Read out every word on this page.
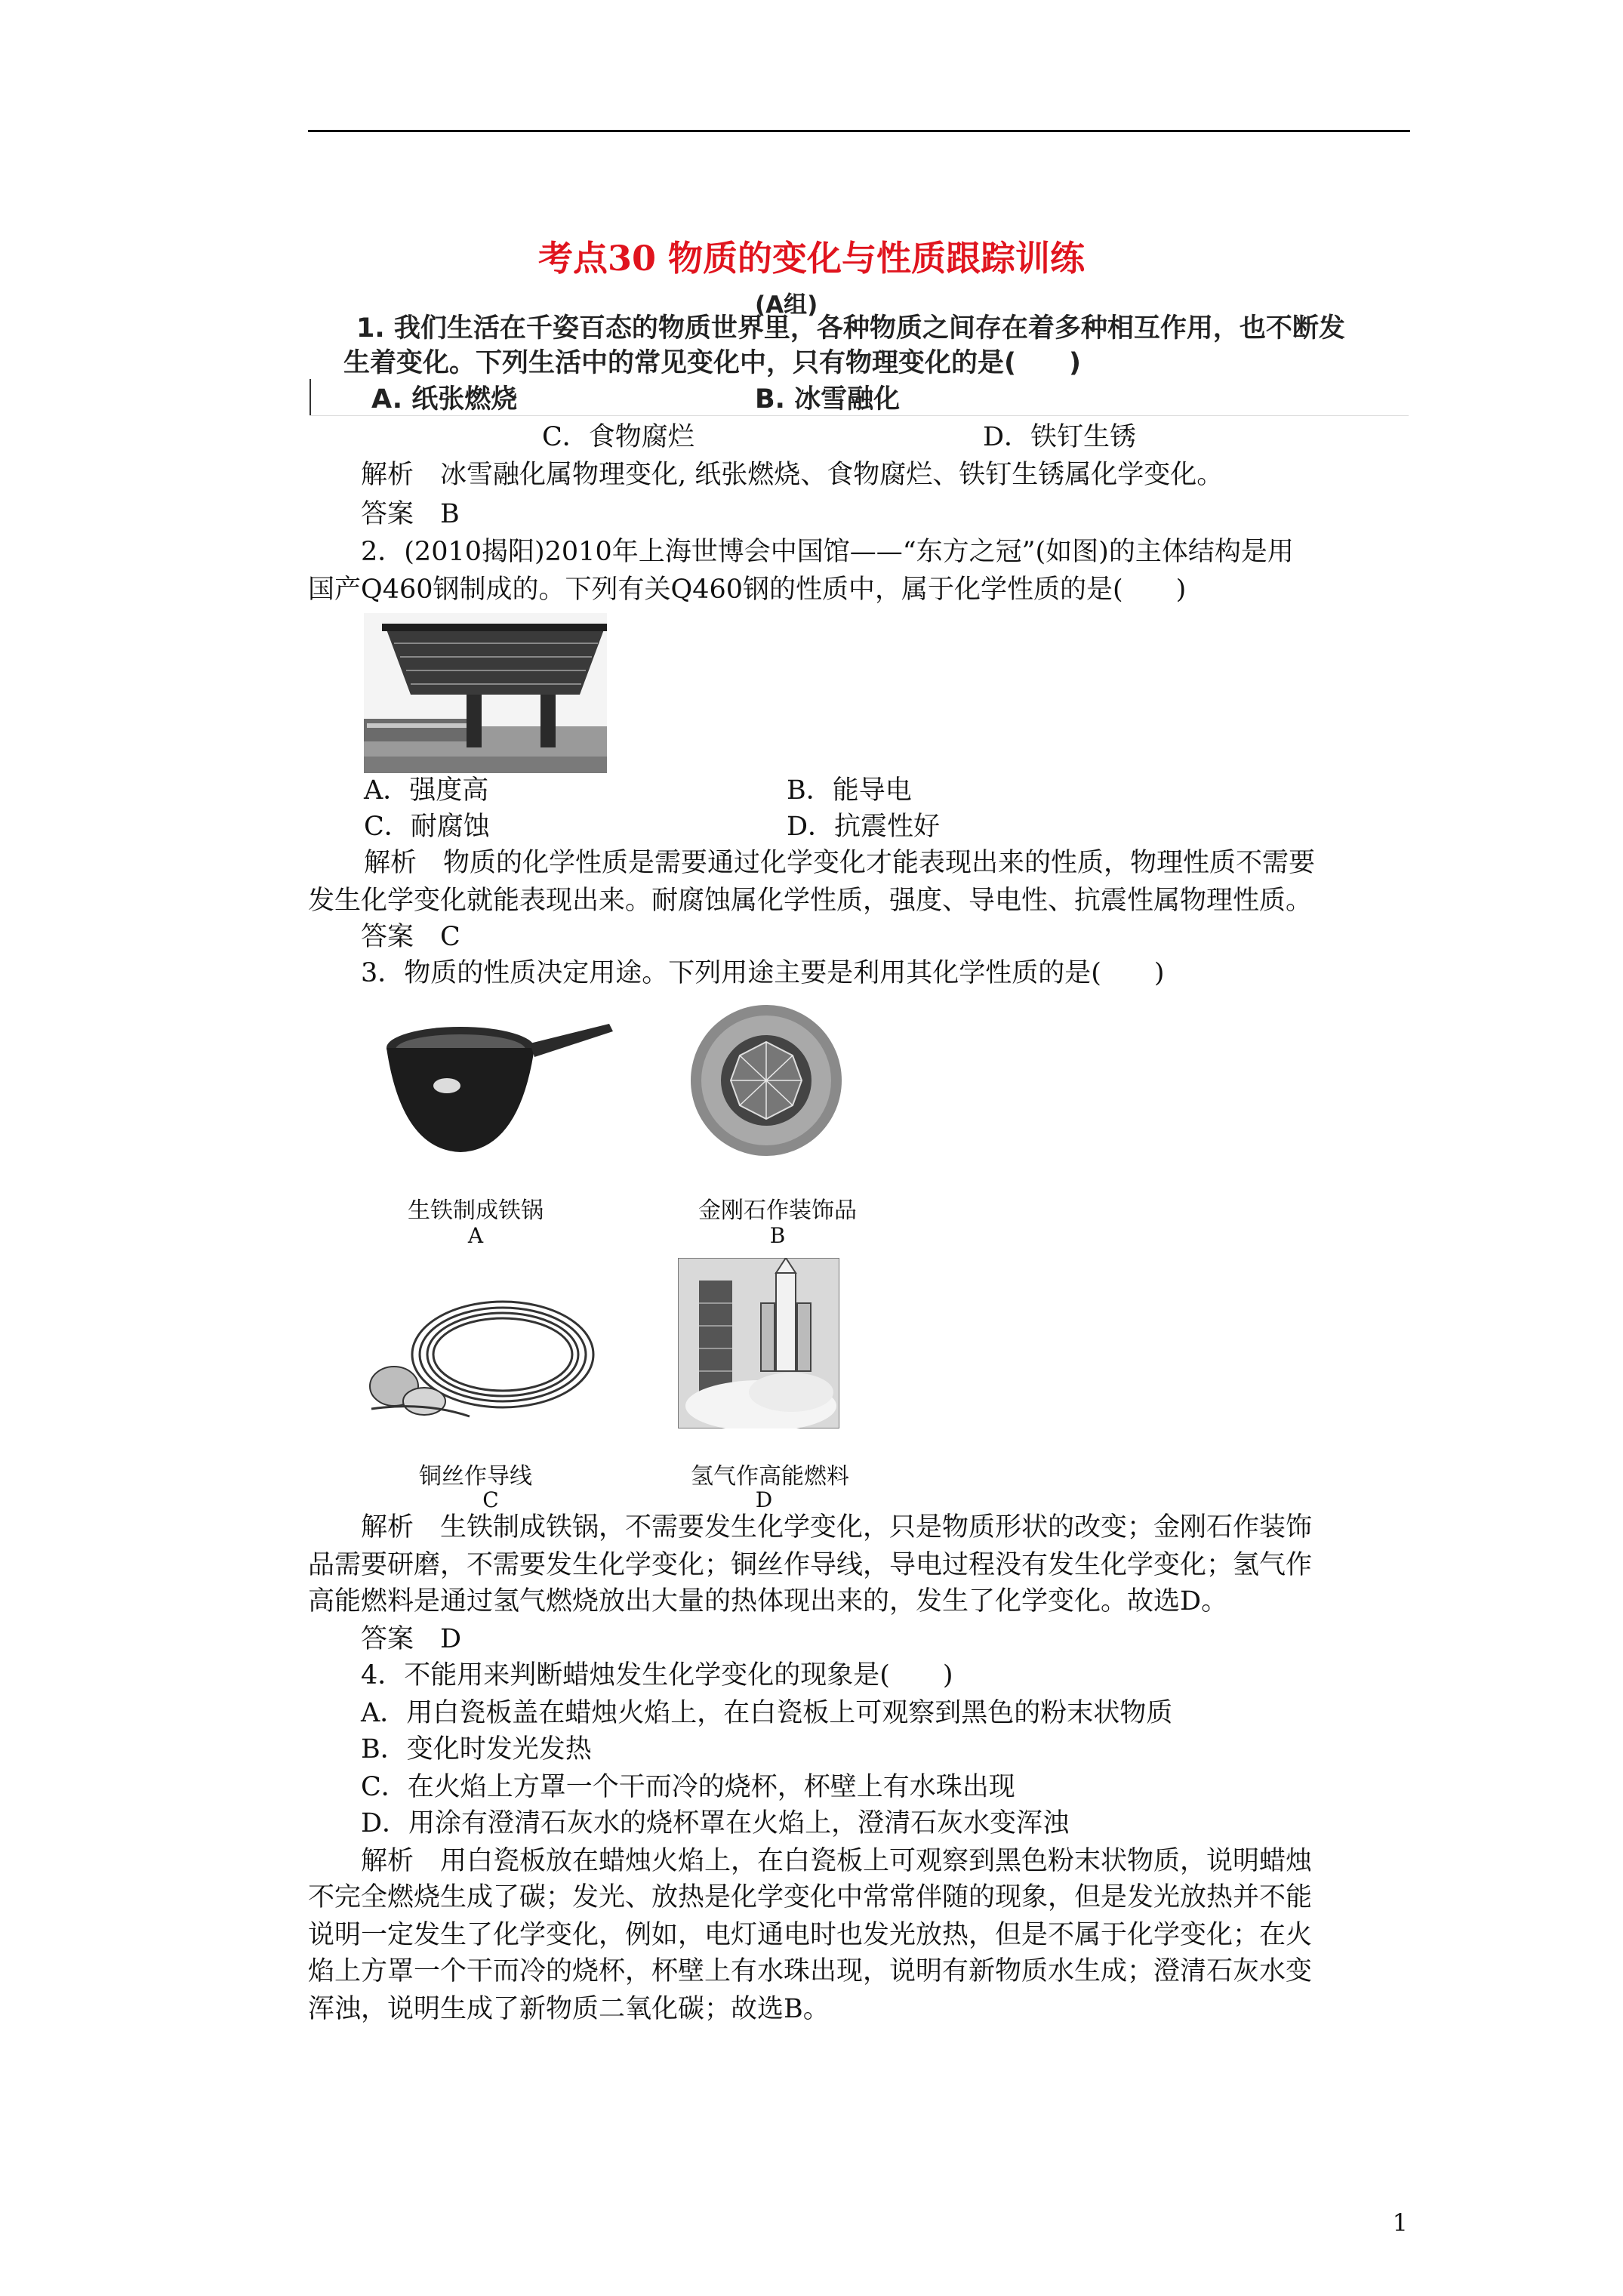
考点30 物质的变化与性质跟踪训练
(A组)
1. 我们生活在千姿百态的物质世界里，各种物质之间存在着多种相互作用，也不断发
生着变化。下列生活中的常见变化中，只有物理变化的是(　　)
A. 纸张燃烧	B. 冰雪融化
C．食物腐烂	D．铁钉生锈
解析　 冰雪融化属物理变化, 纸张燃烧、食物腐烂、铁钉生锈属化学变化。
答案　 B
2．(2010揭阳)2010年上海世博会中国馆——“东方之冠”(如图)的主体结构是用
国产Q460钢制成的。下列有关Q460钢的性质中，属于化学性质的是(　　)
A．强度高	B．能导电
C．耐腐蚀	D．抗震性好
解析　 物质的化学性质是需要通过化学变化才能表现出来的性质，物理性质不需要
发生化学变化就能表现出来。耐腐蚀属化学性质，强度、导电性、抗震性属物理性质。
答案　 C
3．物质的性质决定用途。下列用途主要是利用其化学性质的是(　　)
生铁制成铁锅
A
金刚石作装饰品
B
铜丝作导线
C
氢气作高能燃料
D
解析　 生铁制成铁锅，不需要发生化学变化，只是物质形状的改变；金刚石作装饰
品需要研磨，不需要发生化学变化；铜丝作导线，导电过程没有发生化学变化；氢气作
高能燃料是通过氢气燃烧放出大量的热体现出来的，发生了化学变化。故选D。
答案　 D
4．不能用来判断蜡烛发生化学变化的现象是(　　)
A．用白瓷板盖在蜡烛火焰上，在白瓷板上可观察到黑色的粉末状物质
B．变化时发光发热
C．在火焰上方罩一个干而冷的烧杯，杯壁上有水珠出现
D．用涂有澄清石灰水的烧杯罩在火焰上，澄清石灰水变浑浊
解析　 用白瓷板放在蜡烛火焰上，在白瓷板上可观察到黑色粉末状物质，说明蜡烛
不完全燃烧生成了碳；发光、放热是化学变化中常常伴随的现象，但是发光放热并不能
说明一定发生了化学变化，例如，电灯通电时也发光放热，但是不属于化学变化；在火
焰上方罩一个干而冷的烧杯，杯壁上有水珠出现，说明有新物质水生成；澄清石灰水变
浑浊，说明生成了新物质二氧化碳；故选B。
1
